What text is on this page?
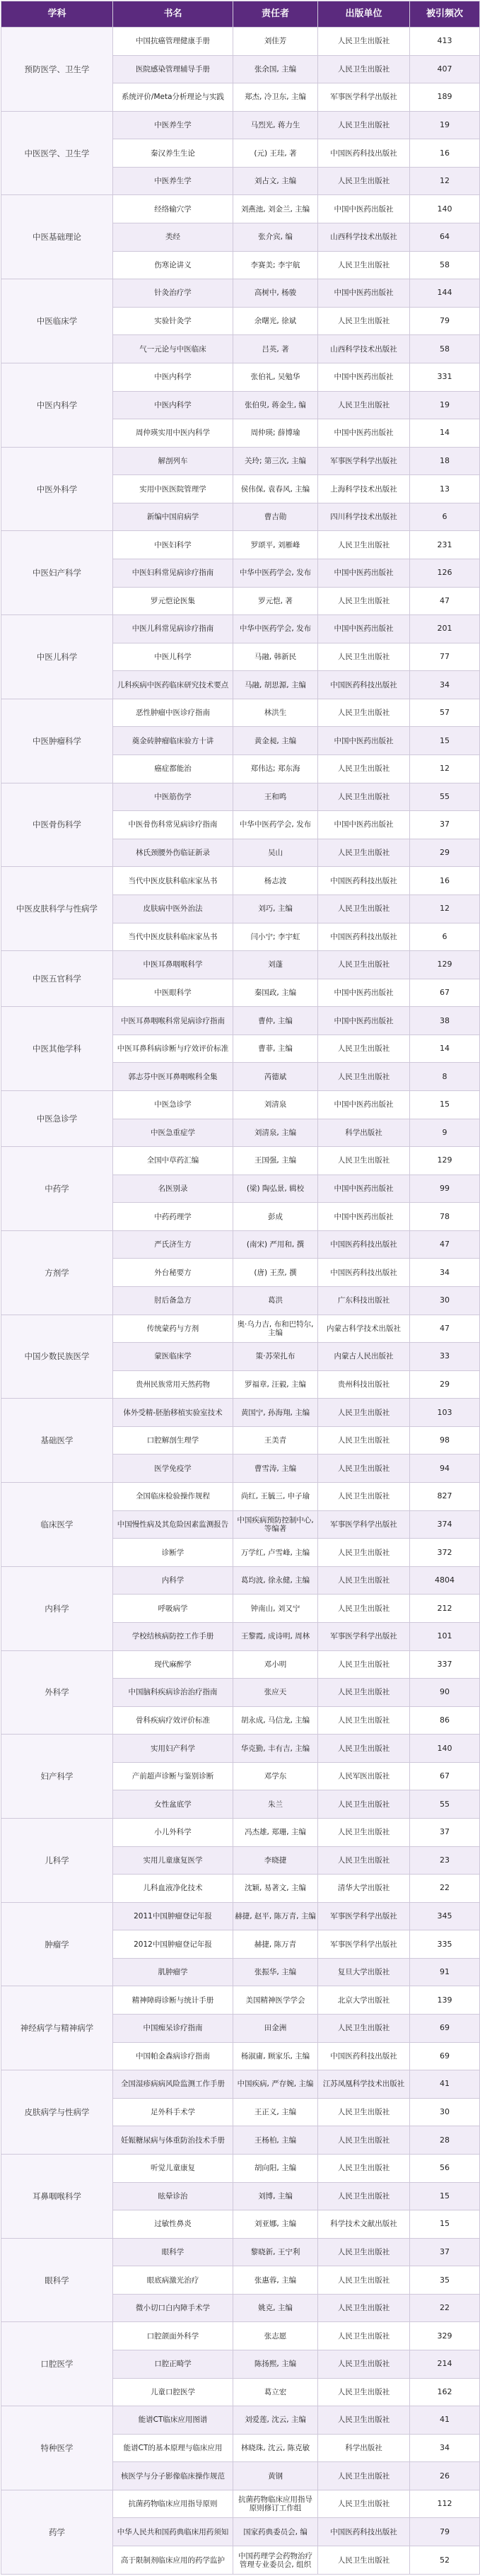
学科	书名	责任者	出版单位	被引频次
预防医学、卫生学	中国抗癌管理健康手册	刘佳芳	人民卫生出版社	413
	医院感染管理辅导手册	张余国, 主编	人民卫生出版社	407
	系统评价/Meta分析理论与实践	郑杰, 冷卫东, 主编	军事医学科学出版社	189
中医医学、卫生学	中医养生学	马烈光, 蒋力生	人民卫生出版社	19
	秦汉养生生论	(元) 王珪, 著	中国医药科技出版社	16
	中医养生学	刘占文, 主编	人民卫生出版社	12
中医基础理论	经络输穴学	刘燕池, 刘金兰, 主编	中国中医药出版社	140
	类经	张介宾, 编	山西科学技术出版社	64
	伤寒论讲义	李赛美; 李宇航	人民卫生出版社	58
中医临床学	针灸治疗学	高树中, 杨骏	中国中医药出版社	144
	实验针灸学	余曙光, 徐斌	人民卫生出版社	79
	气一元论与中医临床	吕英, 著	山西科学技术出版社	58
中医内科学	中医内科学	张伯礼, 吴勉华	中国中医药出版社	331
	中医内科学	张伯臾, 蒋金生, 编	人民卫生出版社	19
	周仲瑛实用中医内科学	周仲瑛; 薛博瑜	中国中医药出版社	14
中医外科学	解剖列车	关玲; 第三次, 主编	军事医学科学出版社	18
	实用中医医院管理学	侯伟保, 袁春风, 主编	上海科学技术出版社	13
	新编中国肩病学	曹吉勋	四川科学技术出版社	6
中医妇产科学	中医妇科学	罗颂平, 刘雁峰	人民卫生出版社	231
	中医妇科常见病诊疗指南	中华中医药学会, 发布	中国中医药出版社	126
	罗元恺论医集	罗元恺, 著	人民卫生出版社	47
中医儿科学	中医儿科常见病诊疗指南	中华中医药学会, 发布	中国中医药出版社	201
	中医儿科学	马融, 韩新民	人民卫生出版社	77
	儿科疾病中医药临床研究技术要点	马融, 胡思源, 主编	中国医药科技出版社	34
中医肿瘤科学	恶性肿瘤中医诊疗指南	林洪生	人民卫生出版社	57
	奠金砖肿瘤临床验方十讲	黄金昶, 主编	中国中医药出版社	15
	癌症都能治	郑伟达; 郑东海	人民卫生出版社	12
中医骨伤科学	中医筋伤学	王和鸣	人民卫生出版社	55
	中医骨伤科常见病诊疗指南	中华中医药学会, 发布	中国中医药出版社	37
	林氏颈腰外伤临证新录	吴山	人民卫生出版社	29
中医皮肤科学与性病学	当代中医皮肤科临床家丛书	杨志波	中国医药科技出版社	16
	皮肤病中医外治法	刘巧, 主编	人民卫生出版社	12
	当代中医皮肤科临床家丛书	闫小宁; 李宇虹	中国医药科技出版社	6
中医五官科学	中医耳鼻咽喉科学	刘蓬	人民卫生出版社	129
	中医眼科学	秦国政, 主编	中国中医药出版社	67
中医其他学科	中医耳鼻咽喉科常见病诊疗指南	曹仲, 主编	中国中医药出版社	38
	中医耳鼻科病诊断与疗效评价标准	曹菲, 主编	人民卫生出版社	14
	郭志芬中医耳鼻咽喉科全集	芮德斌	人民卫生出版社	8
中医急诊学	中医急诊学	刘清泉	中国中医药出版社	15
	中医急重症学	刘清泉, 主编	科学出版社	9
中药学	全国中草药汇编	王国强, 主编	人民卫生出版社	129
	名医别录	(梁) 陶弘景, 辑校	中国中医药出版社	99
	中药药理学	彭成	中国中医药出版社	78
方剂学	严氏济生方	(南宋) 严用和, 撰	中国医药科技出版社	47
	外台秘要方	(唐) 王焘, 撰	中国医药科技出版社	34
	肘后备急方	葛洪	广东科技出版社	30
中国少数民族医学	传统蒙药与方剂	奥·乌力吉, 布和巴特尔, 主编	内蒙古科学技术出版社	47
	蒙医临床学	策·苏荣扎布	内蒙古人民出版社	33
	贵州民族常用天然药物	罗福章, 汪毅, 主编	贵州科技出版社	29
基础医学	体外受精-胚胎移植实验室技术	黄国宁, 孙海翔, 主编	人民卫生出版社	103
	口腔解剖生理学	王美青	人民卫生出版社	98
	医学免疫学	曹雪涛, 主编	人民卫生出版社	94
临床医学	全国临床检验操作规程	尚红, 王毓三, 申子瑜	人民卫生出版社	827
	中国慢性病及其危险因素监测报告	中国疾病预防控制中心, 等编著	军事医学科学出版社	374
	诊断学	万学红, 卢雪峰, 主编	人民卫生出版社	372
内科学	内科学	葛均波, 徐永健, 主编	人民卫生出版社	4804
	呼吸病学	钟南山, 刘又宁	人民卫生出版社	212
	学校结核病防控工作手册	王黎霞, 成诗明, 周林	军事医学科学出版社	101
外科学	现代麻醉学	邓小明	人民卫生出版社	337
	中国脑科疾病诊治治疗指南	张应天	人民卫生出版社	90
	骨科疾病疗效评价标准	胡永成, 马信龙, 主编	人民卫生出版社	86
妇产科学	实用妇产科学	华克勤, 丰有吉, 主编	人民卫生出版社	140
	产前超声诊断与鉴别诊断	邓学东	人民军医出版社	67
	女性盆底学	朱兰	人民卫生出版社	55
儿科学	小儿外科学	冯杰雄, 郑珊, 主编	人民卫生出版社	37
	实用儿童康复医学	李晓捷	人民卫生出版社	23
	儿科血液净化技术	沈颖, 易著文, 主编	清华大学出版社	22
肿瘤学	2011中国肿瘤登记年报	赫捷, 赵平, 陈万青, 主编	军事医学科学出版社	345
	2012中国肿瘤登记年报	赫捷, 陈万青	军事医学科学出版社	335
	肌肿瘤学	张振华, 主编	复旦大学出版社	91
神经病学与精神病学	精神障碍诊断与统计手册	美国精神医学学会	北京大学出版社	139
	中国痴呆诊疗指南	田金洲	人民卫生出版社	69
	中国帕金森病诊疗指南	杨淑庸, 顾家乐, 主编	中国医药科技出版社	69
皮肤病学与性病学	全国湿疹病病风险监测工作手册	中国疾病, 严存婉, 主编	江苏凤凰科学技术出版社	41
	足外科手术学	王正义, 主编	人民卫生出版社	30
	妊娠糖尿病与体重防治技术手册	王杨柏, 主编	人民卫生出版社	28
耳鼻咽喉科学	听觉儿童康复	胡向阳, 主编	人民卫生出版社	56
	眩晕诊治	刘博, 主编	人民卫生出版社	15
	过敏性鼻炎	刘亚娜, 主编	科学技术文献出版社	15
眼科学	眼科学	黎晓新, 王宁利	人民卫生出版社	37
	眼底病激光治疗	张惠蓉, 主编	人民卫生出版社	35
	微小切口白内障手术学	姚克, 主编	人民卫生出版社	22
口腔医学	口腔颌面外科学	张志愿	人民卫生出版社	329
	口腔正畸学	陈扬熙, 主编	人民卫生出版社	214
	儿童口腔医学	葛立宏	人民卫生出版社	162
特种医学	能谱CT临床应用图谱	刘爱莲, 沈云, 主编	人民卫生出版社	41
	能谱CT的基本原理与临床应用	林晓珠, 沈云, 陈克敏	科学出版社	34
	核医学与分子影像临床操作规范	黄钢	人民卫生出版社	26
药学	抗菌药物临床应用指导原则	抗菌药物临床应用指导原则修订工作组	人民卫生出版社	112
	中华人民共和国药典临床用药须知	国家药典委员会, 编	中国医药科技出版社	79
	高于限制剂临床应用的药学监护	中国药理学会药物治疗管理专业委员会, 组织	人民卫生出版社	52
